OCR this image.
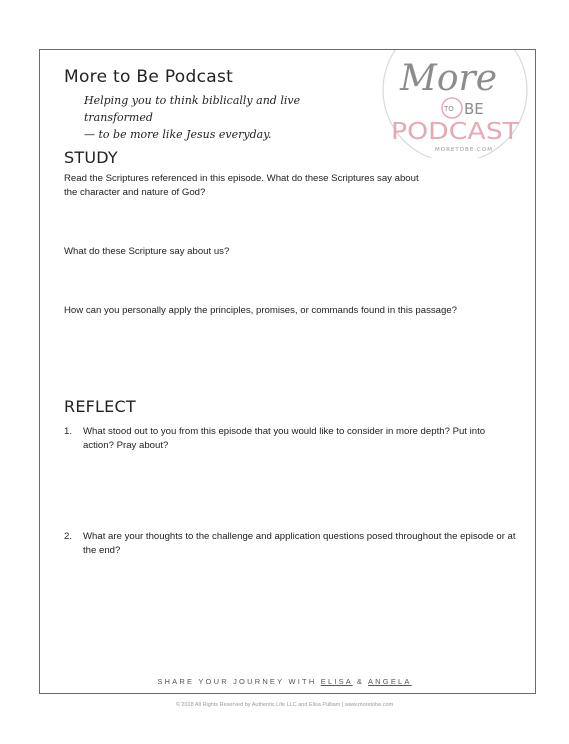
More to Be Podcast
Helping you to think biblically and live transformed
— to be more like Jesus everyday.
More
TO BE
PODCAST
MORETOBE.COM
STUDY
Read the Scriptures referenced in this episode. What do these Scriptures say about the character and nature of God?
What do these Scripture say about us?
How can you personally apply the principles, promises, or commands found in this passage?
REFLECT
1. What stood out to you from this episode that you would like to consider in more depth? Put into action? Pray about?
2. What are your thoughts to the challenge and application questions posed throughout the episode or at the end?
SHARE YOUR JOURNEY WITH ELISA & ANGELA
© 2018 All Rights Reserved by Authentic Life LLC and Elisa Pulliam | www.moretobe.com
